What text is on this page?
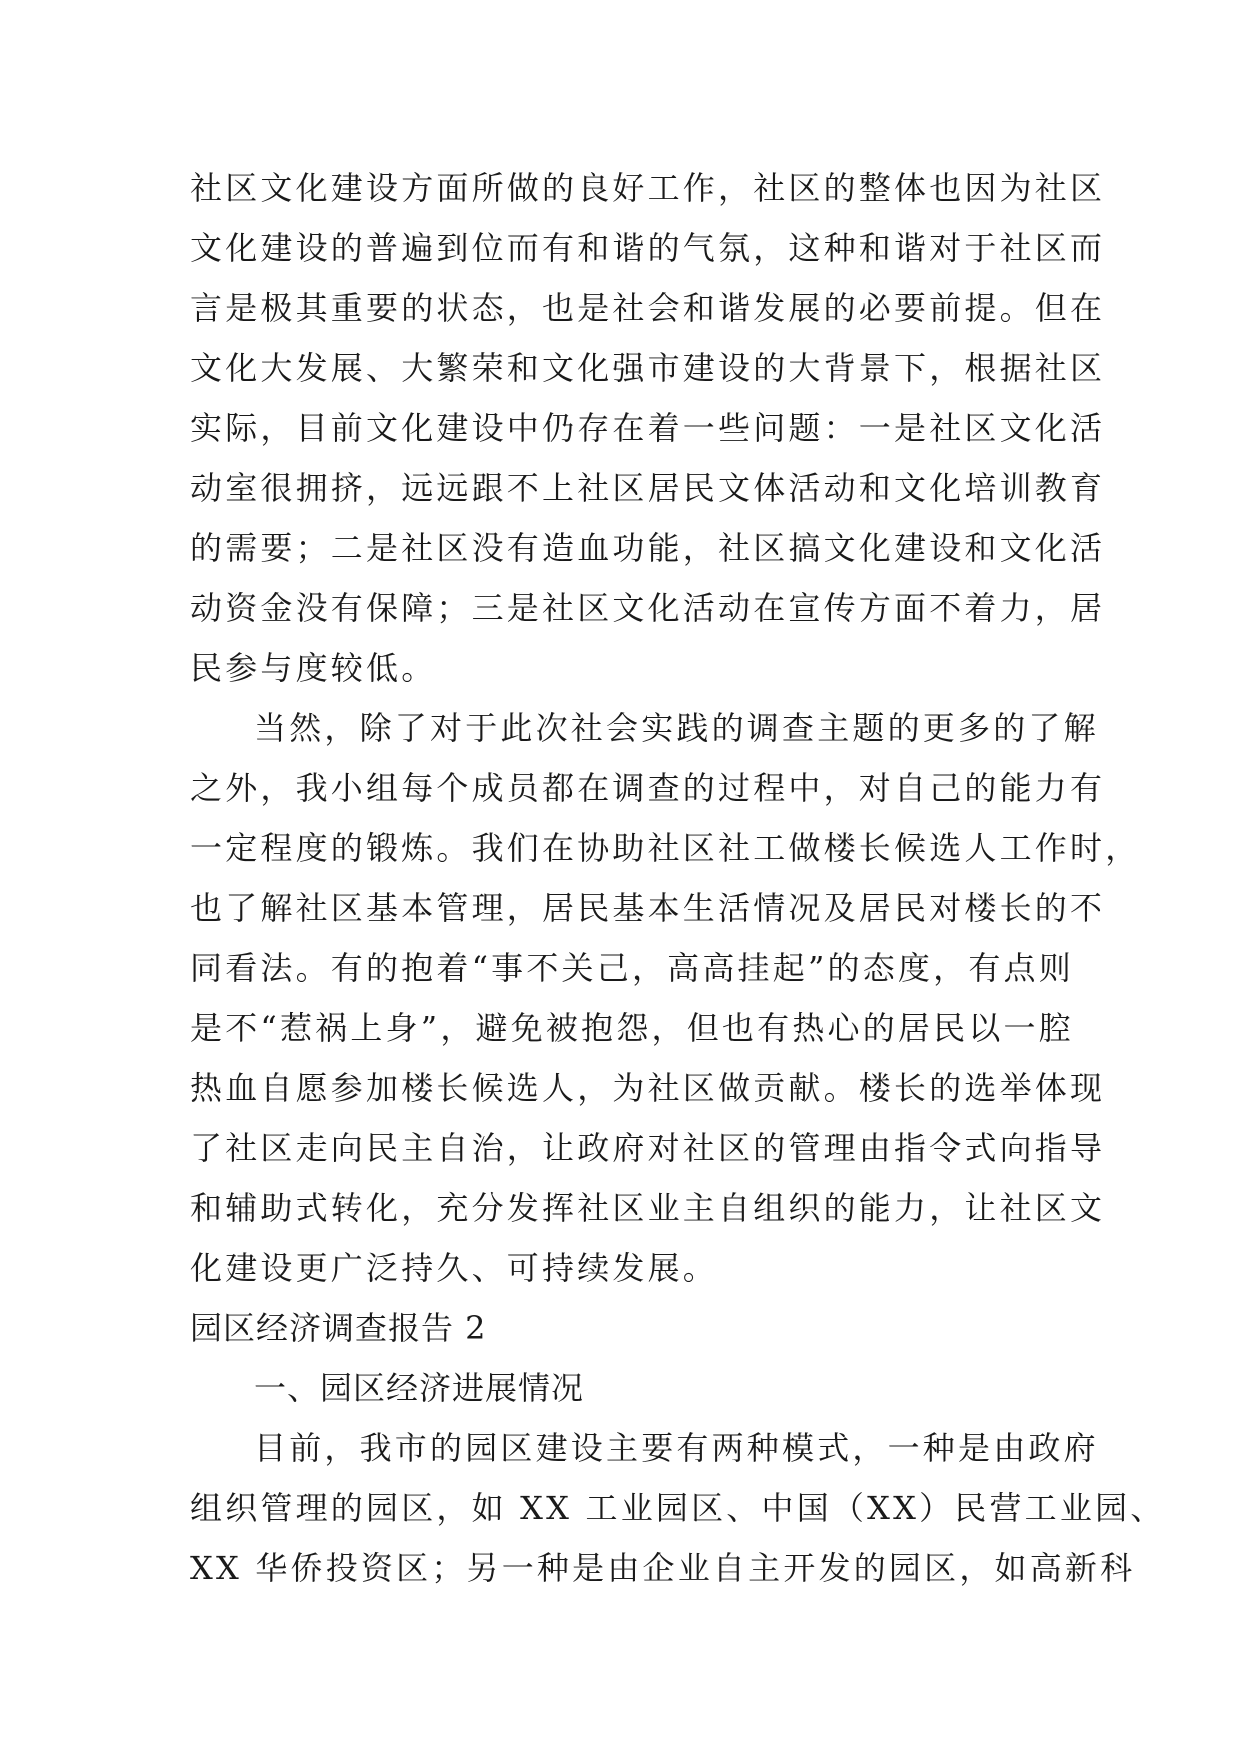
社区文化建设方面所做的良好工作，社区的整体也因为社区
文化建设的普遍到位而有和谐的气氛，这种和谐对于社区而
言是极其重要的状态，也是社会和谐发展的必要前提。但在
文化大发展、大繁荣和文化强市建设的大背景下，根据社区
实际，目前文化建设中仍存在着一些问题：一是社区文化活
动室很拥挤，远远跟不上社区居民文体活动和文化培训教育
的需要；二是社区没有造血功能，社区搞文化建设和文化活
动资金没有保障；三是社区文化活动在宣传方面不着力，居
民参与度较低。
当然，除了对于此次社会实践的调查主题的更多的了解
之外，我小组每个成员都在调查的过程中，对自己的能力有
一定程度的锻炼。我们在协助社区社工做楼长候选人工作时，
也了解社区基本管理，居民基本生活情况及居民对楼长的不
同看法。有的抱着“事不关己，高高挂起”的态度，有点则
是不“惹祸上身”，避免被抱怨，但也有热心的居民以一腔
热血自愿参加楼长候选人，为社区做贡献。楼长的选举体现
了社区走向民主自治，让政府对社区的管理由指令式向指导
和辅助式转化，充分发挥社区业主自组织的能力，让社区文
化建设更广泛持久、可持续发展。
园区经济调查报告 2
一、园区经济进展情况
目前，我市的园区建设主要有两种模式，一种是由政府
组织管理的园区，如 XX 工业园区、中国（XX）民营工业园、
XX 华侨投资区；另一种是由企业自主开发的园区，如高新科
